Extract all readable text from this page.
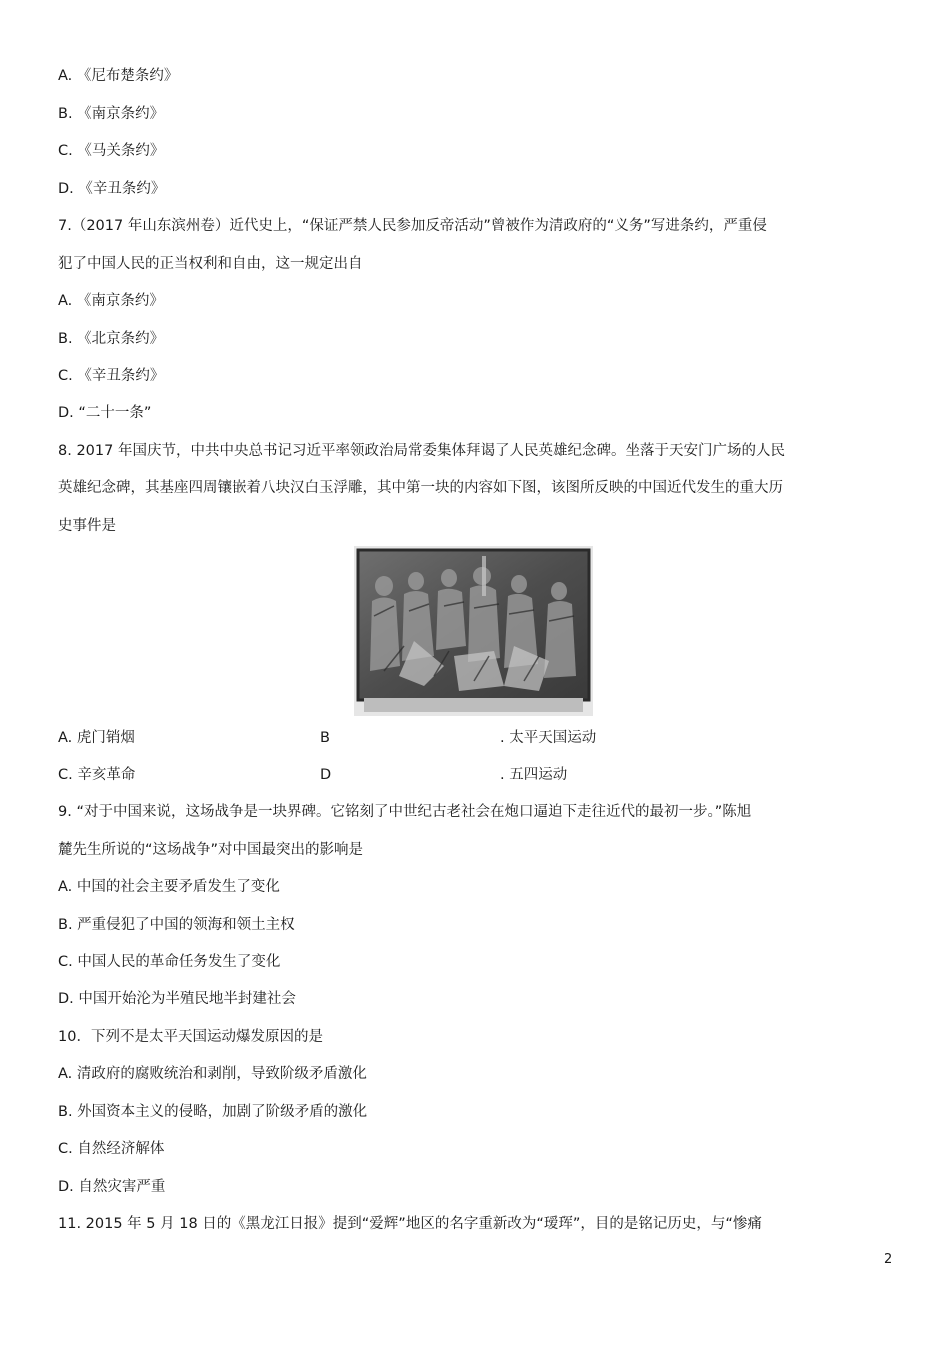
A. 《尼布楚条约》
B. 《南京条约》
C. 《马关条约》
D. 《辛丑条约》
7.（2017 年山东滨州卷）近代史上，“保证严禁人民参加反帝活动”曾被作为清政府的“义务”写进条约，严重侵
犯了中国人民的正当权利和自由，这一规定出自
A. 《南京条约》
B. 《北京条约》
C. 《辛丑条约》
D. “二十一条”
8. 2017 年国庆节，中共中央总书记习近平率领政治局常委集体拜谒了人民英雄纪念碑。坐落于天安门广场的人民
英雄纪念碑，其基座四周镶嵌着八块汉白玉浮雕，其中第一块的内容如下图，该图所反映的中国近代发生的重大历
史事件是
A. 虎门销烟	B	. 太平天国运动
C. 辛亥革命	D	. 五四运动
9. “对于中国来说，这场战争是一块界碑。它铭刻了中世纪古老社会在炮口逼迫下走往近代的最初一步。”陈旭
麓先生所说的“这场战争”对中国最突出的影响是
A. 中国的社会主要矛盾发生了变化
B. 严重侵犯了中国的领海和领土主权
C. 中国人民的革命任务发生了变化
D. 中国开始沦为半殖民地半封建社会
10．下列不是太平天国运动爆发原因的是
A. 清政府的腐败统治和剥削，导致阶级矛盾激化
B. 外国资本主义的侵略，加剧了阶级矛盾的激化
C. 自然经济解体
D. 自然灾害严重
11. 2015 年 5 月 18 日的《黑龙江日报》提到“爱辉”地区的名字重新改为“瑷珲”，目的是铭记历史，与“惨痛
2
